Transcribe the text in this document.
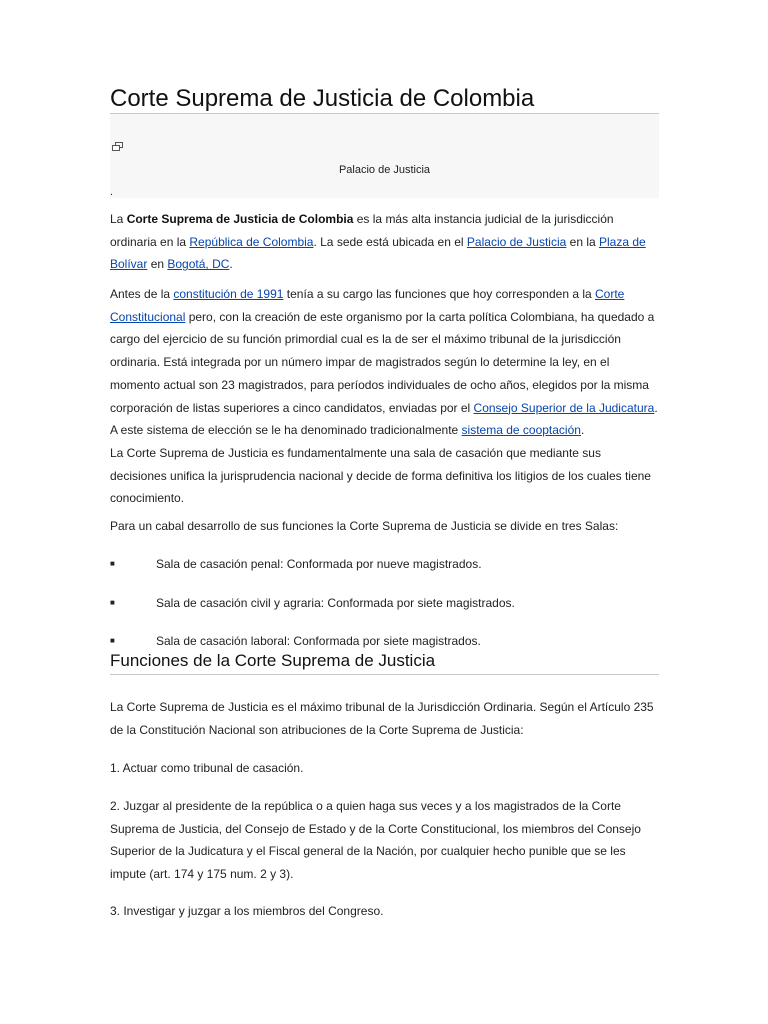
Corte Suprema de Justicia de Colombia
Palacio de Justicia
.

La Corte Suprema de Justicia de Colombia es la más alta instancia judicial de la jurisdicción ordinaria en la República de Colombia. La sede está ubicada en el Palacio de Justicia en la Plaza de Bolívar en Bogotá, DC.

Antes de la constitución de 1991 tenía a su cargo las funciones que hoy corresponden a la Corte Constitucional pero, con la creación de este organismo por la carta política Colombiana, ha quedado a cargo del ejercicio de su función primordial cual es la de ser el máximo tribunal de la jurisdicción ordinaria. Está integrada por un número impar de magistrados según lo determine la ley, en el momento actual son 23 magistrados, para períodos individuales de ocho años, elegidos por la misma corporación de listas superiores a cinco candidatos, enviadas por el Consejo Superior de la Judicatura. A este sistema de elección se le ha denominado tradicionalmente sistema de cooptación.

La Corte Suprema de Justicia es fundamentalmente una sala de casación que mediante sus decisiones unifica la jurisprudencia nacional y decide de forma definitiva los litigios de los cuales tiene conocimiento.

Para un cabal desarrollo de sus funciones la Corte Suprema de Justicia se divide en tres Salas:

■	Sala de casación penal: Conformada por nueve magistrados.
■	Sala de casación civil y agraria: Conformada por siete magistrados.
■	Sala de casación laboral: Conformada por siete magistrados.
Funciones de la Corte Suprema de Justicia

La Corte Suprema de Justicia es el máximo tribunal de la Jurisdicción Ordinaria. Según el Artículo 235 de la Constitución Nacional son atribuciones de la Corte Suprema de Justicia:

1. Actuar como tribunal de casación.

2. Juzgar al presidente de la república o a quien haga sus veces y a los magistrados de la Corte Suprema de Justicia, del Consejo de Estado y de la Corte Constitucional, los miembros del Consejo Superior de la Judicatura y el Fiscal general de la Nación, por cualquier hecho punible que se les impute (art. 174 y 175 num. 2 y 3).

3. Investigar y juzgar a los miembros del Congreso.
